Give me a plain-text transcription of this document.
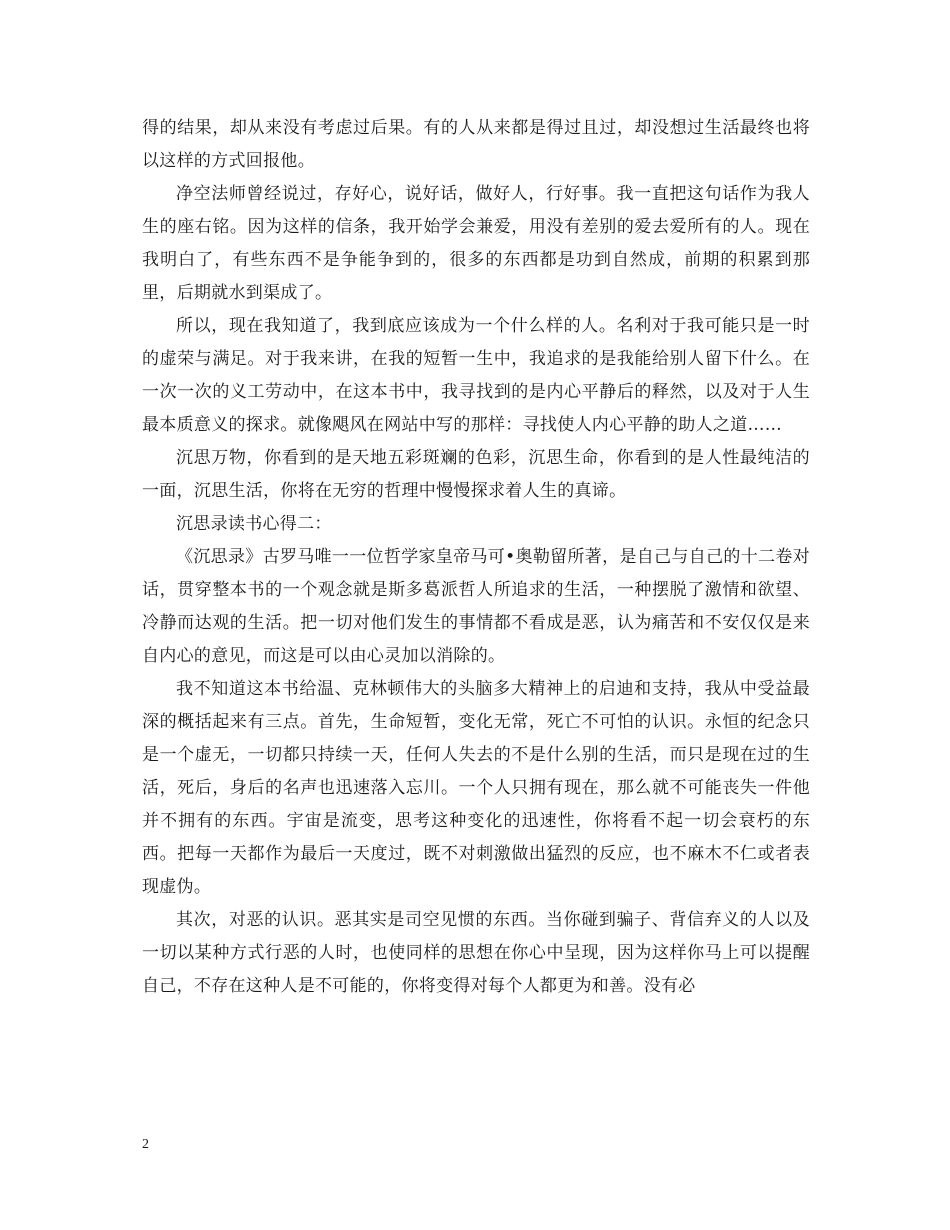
得的结果，却从来没有考虑过后果。有的人从来都是得过且过，却没想过生活最终也将以这样的方式回报他。

净空法师曾经说过，存好心，说好话，做好人，行好事。我一直把这句话作为我人生的座右铭。因为这样的信条，我开始学会兼爱，用没有差别的爱去爱所有的人。现在我明白了，有些东西不是争能争到的，很多的东西都是功到自然成，前期的积累到那里，后期就水到渠成了。

所以，现在我知道了，我到底应该成为一个什么样的人。名利对于我可能只是一时的虚荣与满足。对于我来讲，在我的短暂一生中，我追求的是我能给别人留下什么。在一次一次的义工劳动中，在这本书中，我寻找到的是内心平静后的释然，以及对于人生最本质意义的探求。就像飓风在网站中写的那样：寻找使人内心平静的助人之道……

沉思万物，你看到的是天地五彩斑斓的色彩，沉思生命，你看到的是人性最纯洁的一面，沉思生活，你将在无穷的哲理中慢慢探求着人生的真谛。

沉思录读书心得二：

《沉思录》古罗马唯一一位哲学家皇帝马可•奥勒留所著，是自己与自己的十二卷对话，贯穿整本书的一个观念就是斯多葛派哲人所追求的生活，一种摆脱了激情和欲望、冷静而达观的生活。把一切对他们发生的事情都不看成是恶，认为痛苦和不安仅仅是来自内心的意见，而这是可以由心灵加以消除的。

我不知道这本书给温、克林顿伟大的头脑多大精神上的启迪和支持，我从中受益最深的概括起来有三点。首先，生命短暂，变化无常，死亡不可怕的认识。永恒的纪念只是一个虚无，一切都只持续一天，任何人失去的不是什么别的生活，而只是现在过的生活，死后，身后的名声也迅速落入忘川。一个人只拥有现在，那么就不可能丧失一件他并不拥有的东西。宇宙是流变，思考这种变化的迅速性，你将看不起一切会衰朽的东西。把每一天都作为最后一天度过，既不对刺激做出猛烈的反应，也不麻木不仁或者表现虚伪。

其次，对恶的认识。恶其实是司空见惯的东西。当你碰到骗子、背信弃义的人以及一切以某种方式行恶的人时，也使同样的思想在你心中呈现，因为这样你马上可以提醒自己，不存在这种人是不可能的，你将变得对每个人都更为和善。没有必

2
